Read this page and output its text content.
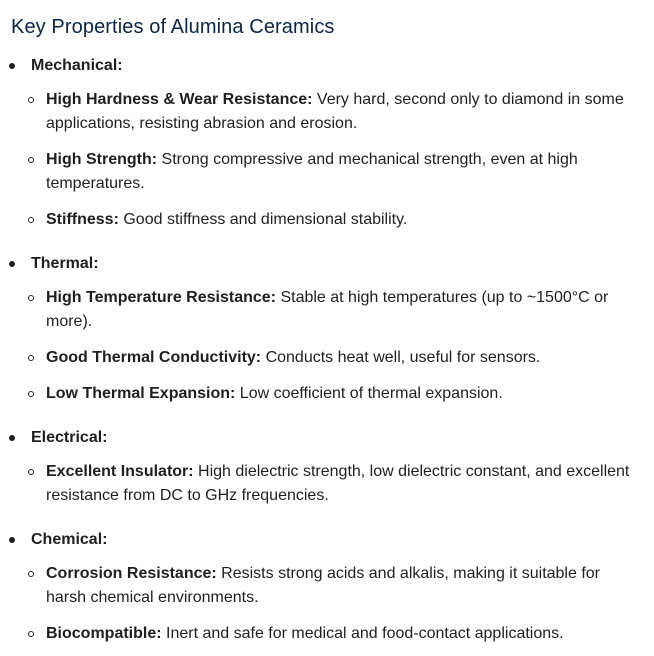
Key Properties of Alumina Ceramics
Mechanical:
High Hardness & Wear Resistance: Very hard, second only to diamond in some applications, resisting abrasion and erosion.
High Strength: Strong compressive and mechanical strength, even at high temperatures.
Stiffness: Good stiffness and dimensional stability.
Thermal:
High Temperature Resistance: Stable at high temperatures (up to ~1500°C or more).
Good Thermal Conductivity: Conducts heat well, useful for sensors.
Low Thermal Expansion: Low coefficient of thermal expansion.
Electrical:
Excellent Insulator: High dielectric strength, low dielectric constant, and excellent resistance from DC to GHz frequencies.
Chemical:
Corrosion Resistance: Resists strong acids and alkalis, making it suitable for harsh chemical environments.
Biocompatible: Inert and safe for medical and food-contact applications.
